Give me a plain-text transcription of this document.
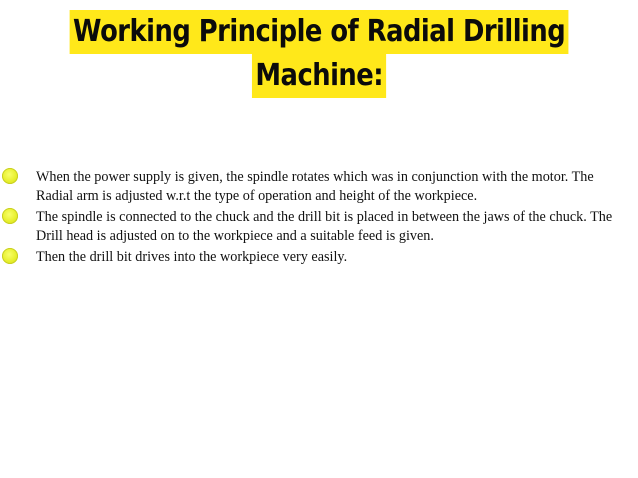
Working Principle of Radial Drilling
Machine:
When the power supply is given, the spindle rotates which was in conjunction with the motor. The Radial arm is adjusted w.r.t the type of operation and height of the workpiece.
The spindle is connected to the chuck and the drill bit is placed in between the jaws of the chuck. The Drill head is adjusted on to the workpiece and a suitable feed is given.
Then the drill bit drives into the workpiece very easily.
